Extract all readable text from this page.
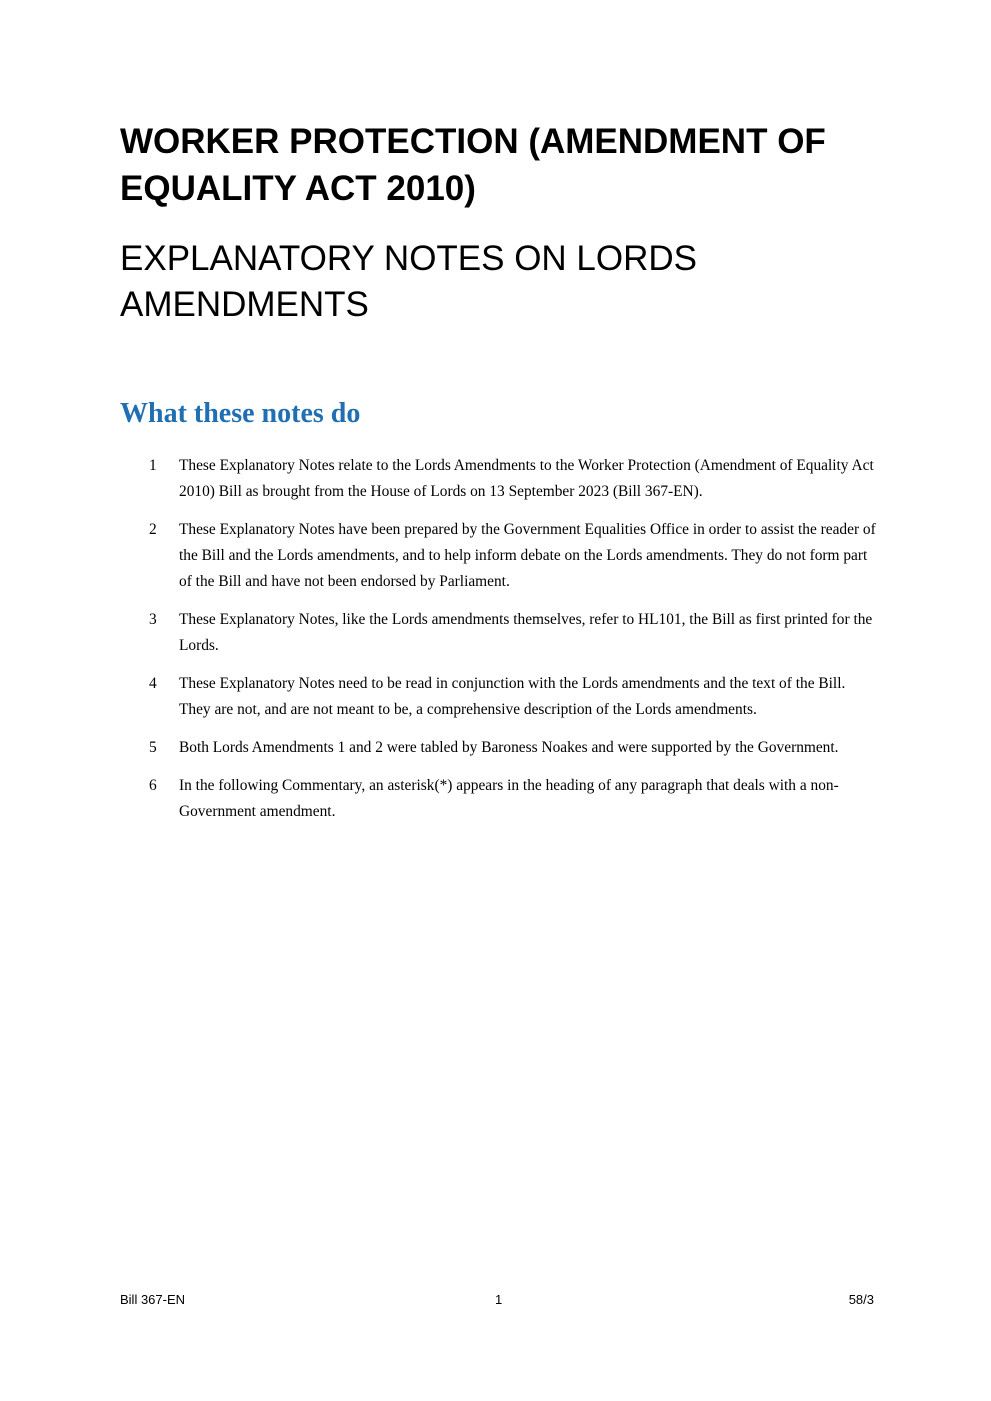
WORKER PROTECTION (AMENDMENT OF EQUALITY ACT 2010)
EXPLANATORY NOTES ON LORDS AMENDMENTS
What these notes do
1 These Explanatory Notes relate to the Lords Amendments to the Worker Protection (Amendment of Equality Act 2010) Bill as brought from the House of Lords on 13 September 2023 (Bill 367-EN).
2 These Explanatory Notes have been prepared by the Government Equalities Office in order to assist the reader of the Bill and the Lords amendments, and to help inform debate on the Lords amendments. They do not form part of the Bill and have not been endorsed by Parliament.
3 These Explanatory Notes, like the Lords amendments themselves, refer to HL101, the Bill as first printed for the Lords.
4 These Explanatory Notes need to be read in conjunction with the Lords amendments and the text of the Bill. They are not, and are not meant to be, a comprehensive description of the Lords amendments.
5 Both Lords Amendments 1 and 2 were tabled by Baroness Noakes and were supported by the Government.
6 In the following Commentary, an asterisk(*) appears in the heading of any paragraph that deals with a non-Government amendment.
Bill 367-EN	1	58/3
